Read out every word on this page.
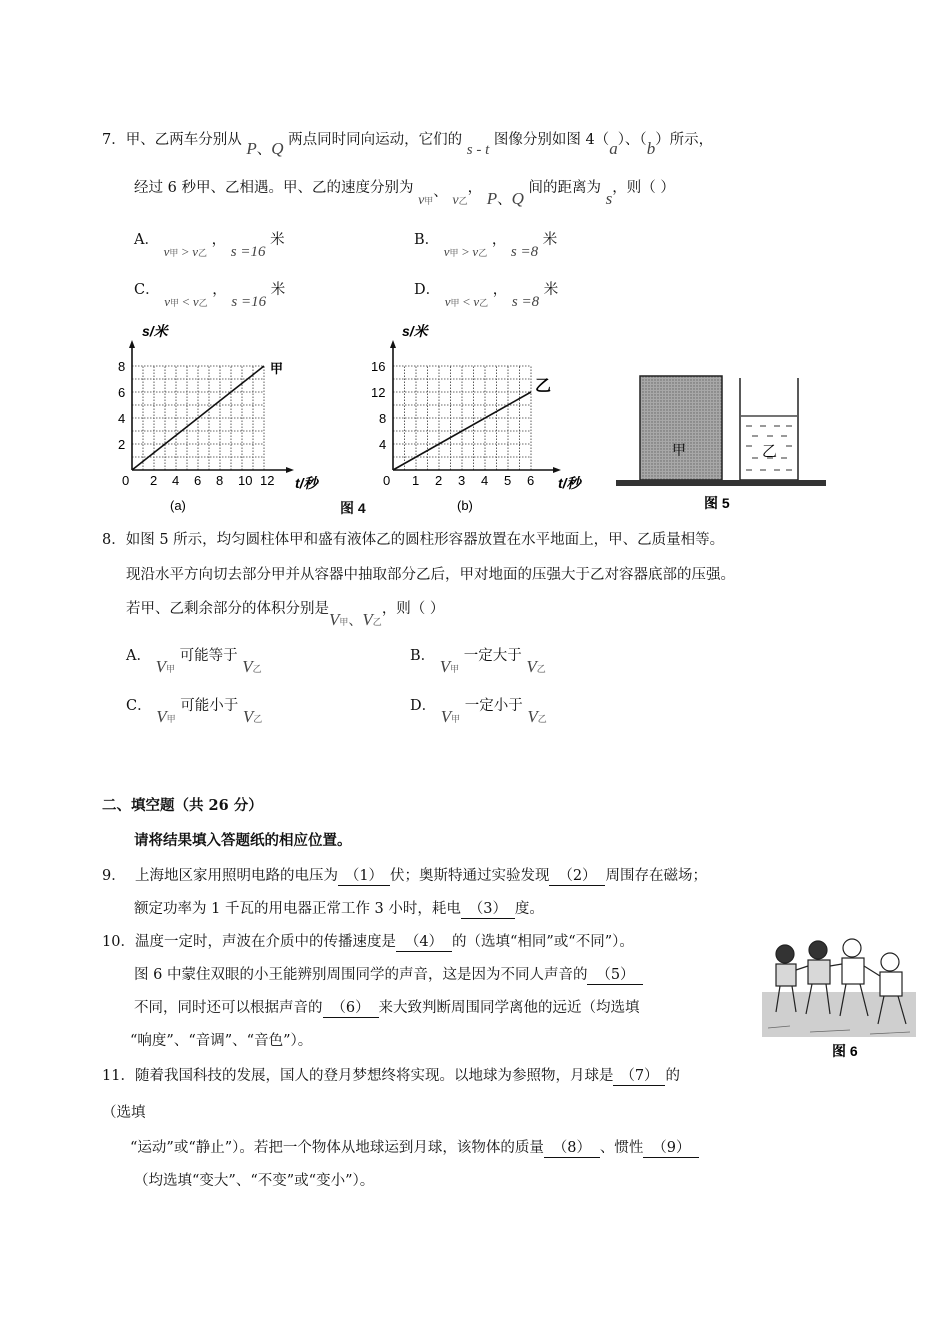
7．甲、乙两车分别从 P、Q 两点同时同向运动，它们的 s - t 图像分别如图 4（a）、（b）所示，
经过 6 秒甲、乙相遇。甲、乙的速度分别为 v甲、 v乙， P、Q 间的距离为 s，则（ ）
A． v甲 > v乙 ， s =16 米	B． v甲 > v乙 ， s =8 米
C． v甲 < v乙 ， s =16 米	D． v甲 < v乙 ， s =8 米
s/米
t/秒
甲
(a)
0 2 4 6 8 10 12
2
4
6
8
s/米
t/秒
乙
(b)
0 1 2 3 4 5 6
4
8
12
16
图 4
甲	乙
图 5
8．如图 5 所示，均匀圆柱体甲和盛有液体乙的圆柱形容器放置在水平地面上，甲、乙质量相等。
现沿水平方向切去部分甲并从容器中抽取部分乙后，甲对地面的压强大于乙对容器底部的压强。
若甲、乙剩余部分的体积分别是V甲、V乙，则（ ）
A． V甲 可能等于 V乙
B． V甲 一定大于 V乙
C． V甲 可能小于 V乙
D． V甲 一定小于 V乙
二、填空题（共 26 分）
请将结果填入答题纸的相应位置。
9． 上海地区家用照明电路的电压为 （1） 伏；奥斯特通过实验发现 （2） 周围存在磁场；
额定功率为 1 千瓦的用电器正常工作 3 小时，耗电 （3） 度。
10．温度一定时，声波在介质中的传播速度是 （4） 的（选填“相同”或“不同”）。
图 6 中蒙住双眼的小王能辨别周围同学的声音，这是因为不同人声音的 （5）
不同，同时还可以根据声音的 （6） 来大致判断周围同学离他的远近（均选填
“响度”、“音调”、“音色”）。
图 6
11．随着我国科技的发展，国人的登月梦想终将实现。以地球为参照物，月球是 （7） 的
（选填
“运动”或“静止”）。若把一个物体从地球运到月球，该物体的质量 （8） 、惯性 （9）
（均选填“变大”、“不变”或“变小”）。
